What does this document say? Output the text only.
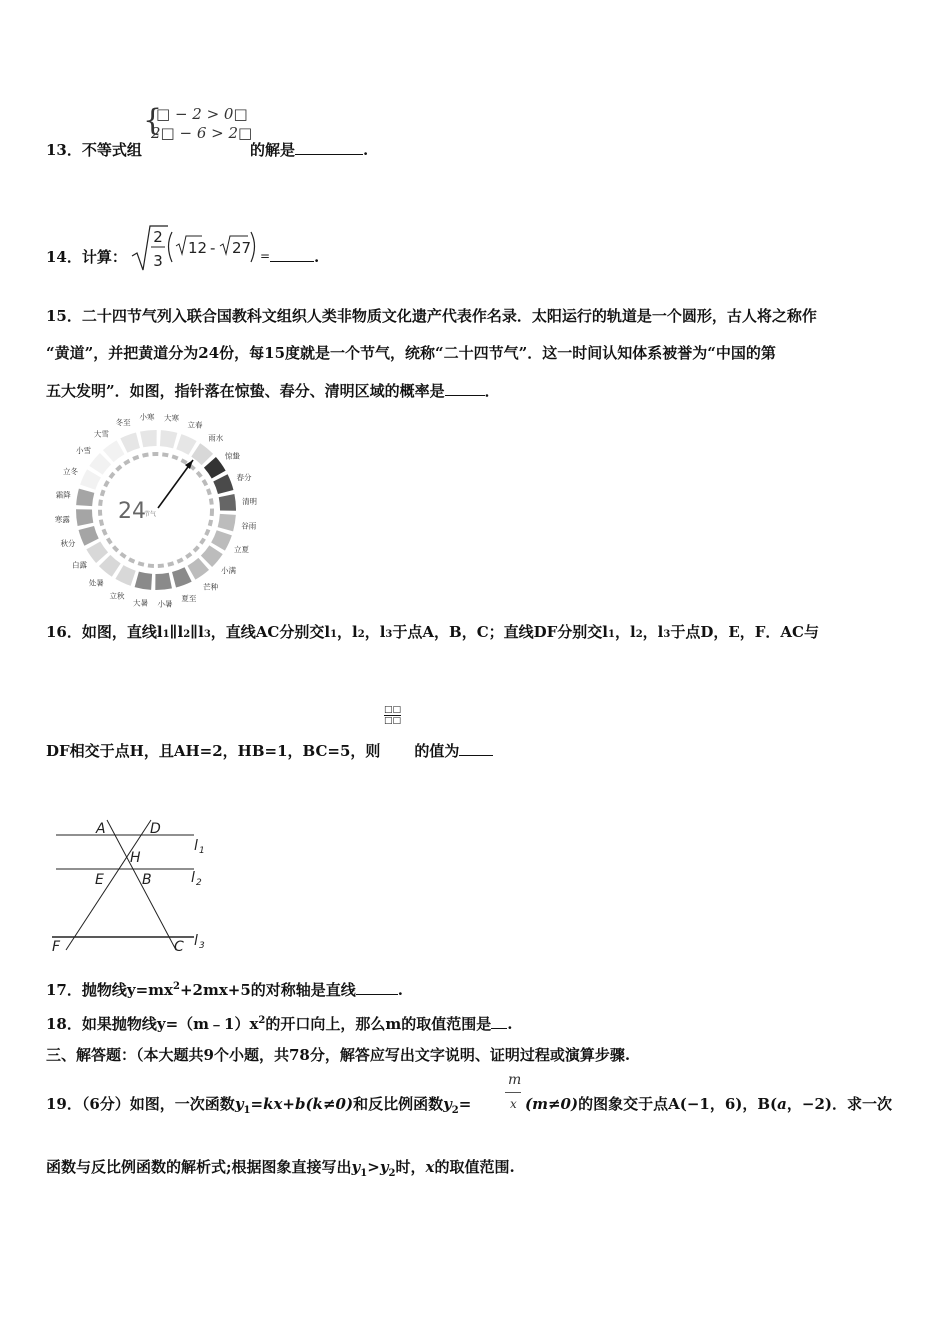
{
□ − 2 > 0□
2□ − 6 > 2□
13．不等式组	的解是	.
14．计算：
2
3
12 - 27 =	.
15．二十四节气列入联合国教科文组织人类非物质文化遗产代表作名录．太阳运行的轨道是一个圆形，古人将之称作
“黄道”，并把黄道分为24份，每15度就是一个节气，统称“二十四节气”．这一时间认知体系被誉为“中国的第
五大发明”．如图，指针落在惊蛰、春分、清明区域的概率是	．
冬至
小寒 大寒
立春
雨水
惊蛰
春分
清明
谷雨
立夏
小满
芒种
夏至
小暑
大暑
立秋
处暑
白露
秋分
寒露
霜降
立冬
小雪
大雪
24
节气
16．如图，直线l1∥l2∥l3，直线AC分别交l1，l2，l3于点A，B，C；直线DF分别交l1，l2，l3于点D，E，F．AC与
□□
□□
DF相交于点H，且AH=2，HB=1，BC=5，则 的值为
A	D
H
E	B
F	C
l 1
l 2
l 3
17．抛物线$y=mx^2+2mx+5$的对称轴是直线	.
18．如果抛物线$y=(m﹣1)x^2$的开口向上，那么m的取值范围是 .
三、解答题：（本大题共9个小题，共78分，解答应写出文字说明、证明过程或演算步骤.
m
x
19．（6分）如图，一次函数$y_1=kx+b(k\ne 0)$和反比例函数$y_2=$	(m≠0)的图象交于点A(−1，6)，B(a，−2)．求一次
函数与反比例函数的解析式;根据图象直接写出$y_1>y_2$时，x的取值范围.
